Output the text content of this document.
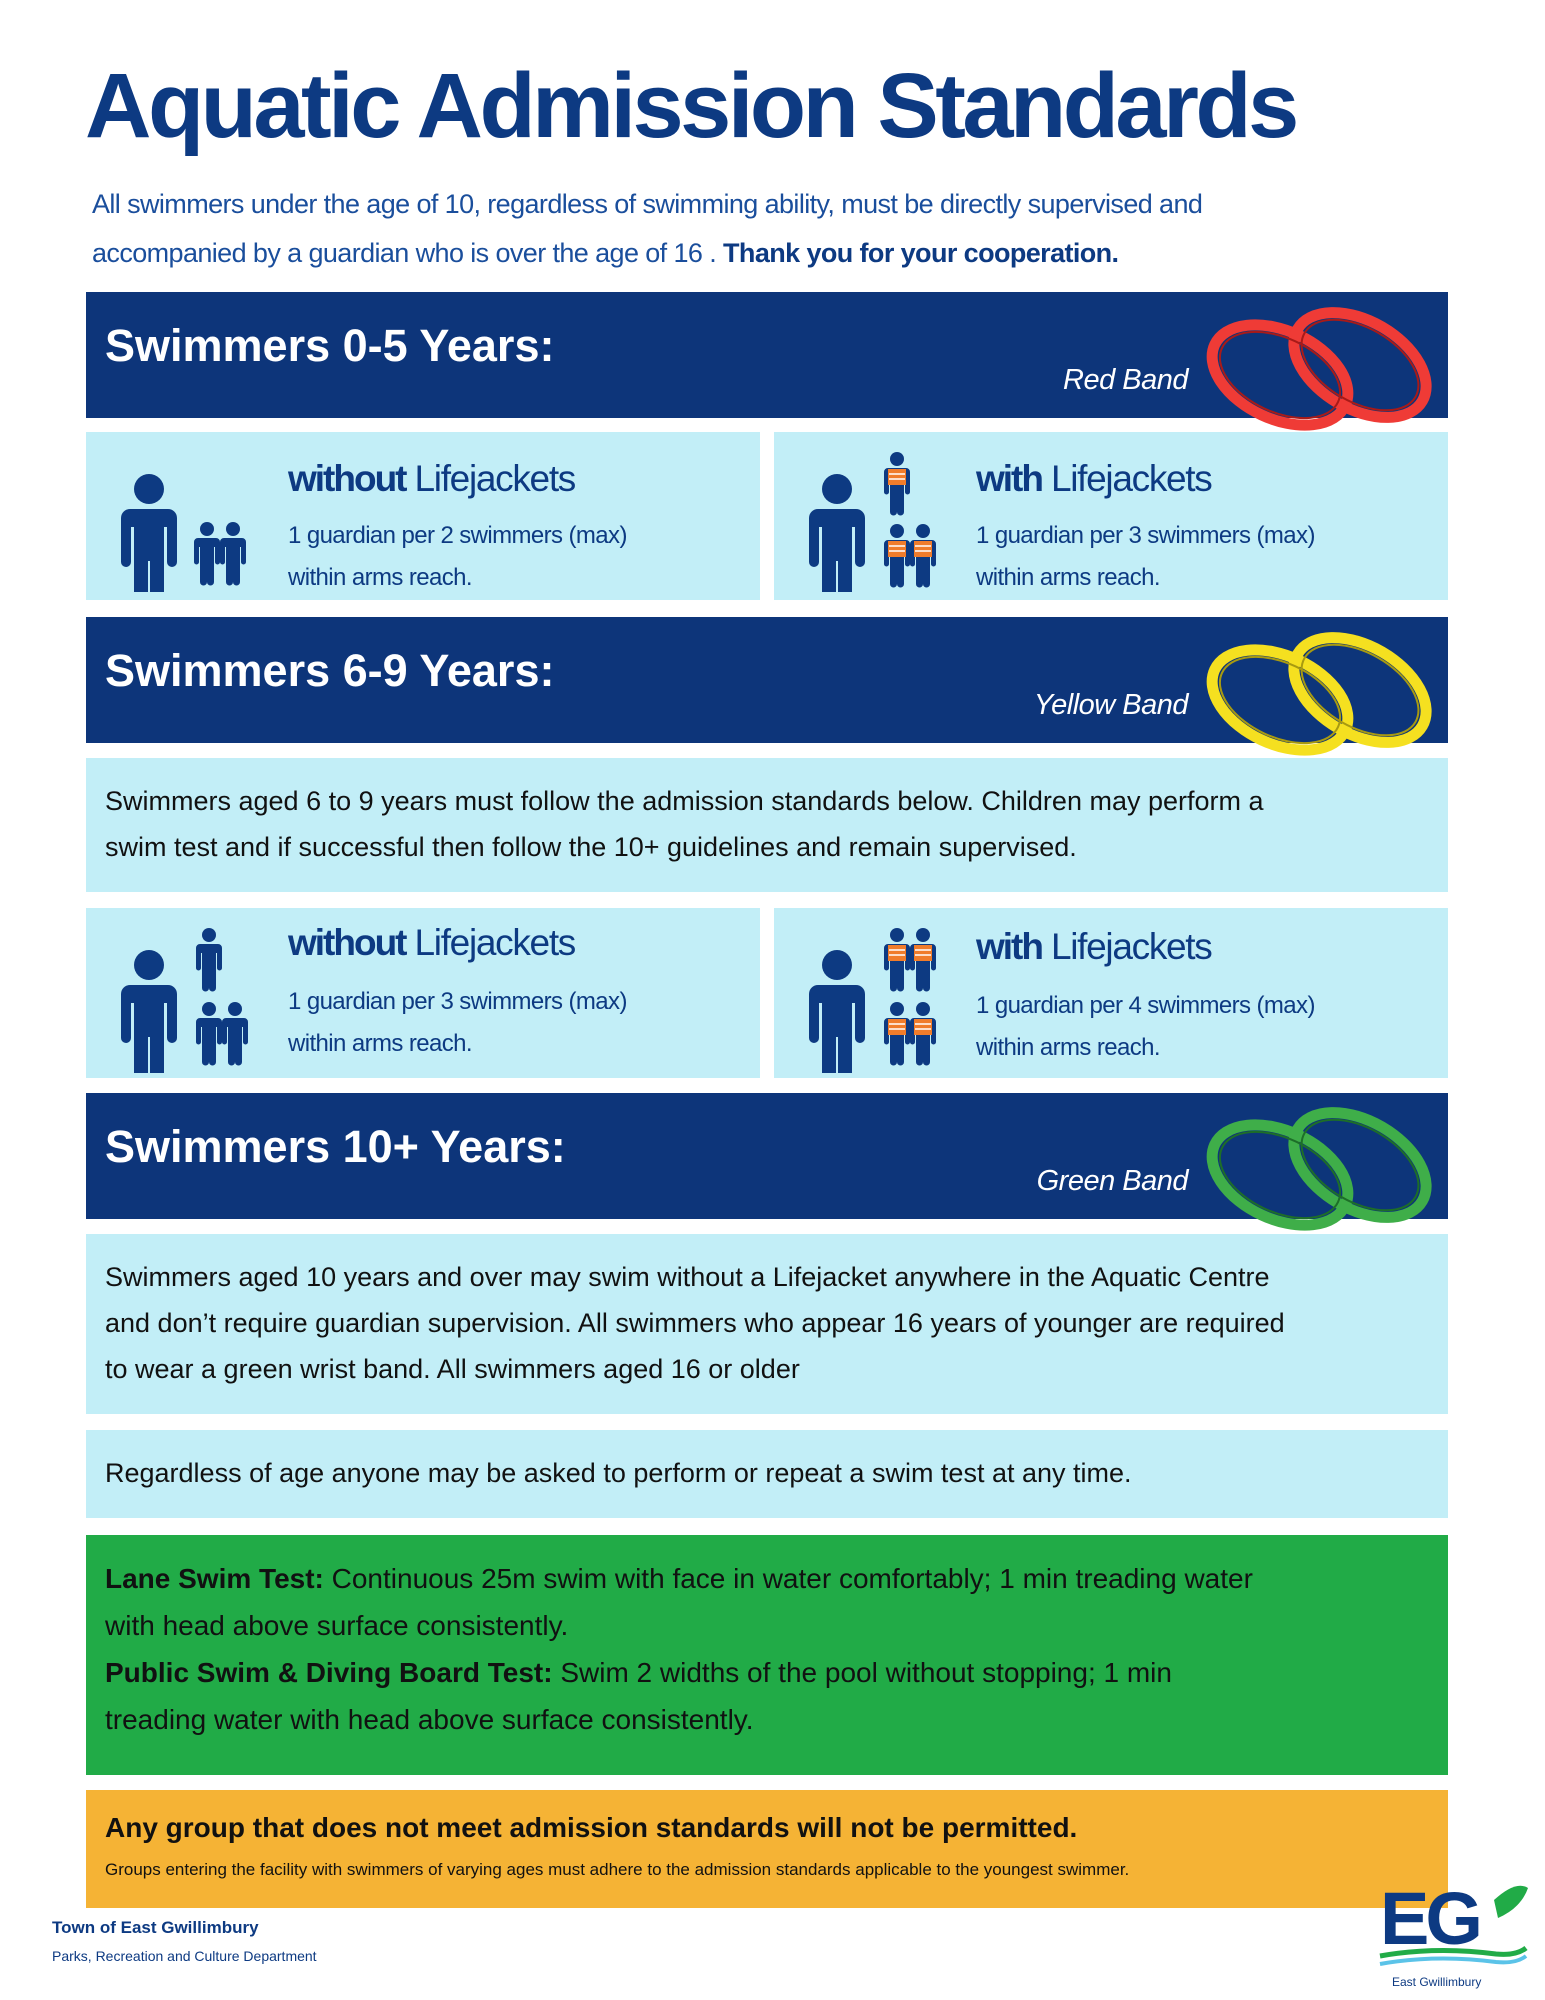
Aquatic Admission Standards
All swimmers under the age of 10, regardless of swimming ability, must be directly supervised and
accompanied by a guardian who is over the age of 16 . Thank you for your cooperation.
Swimmers 0-5 Years:
Red Band
without Lifejackets
1 guardian per 2 swimmers (max)
within arms reach.
with Lifejackets
1 guardian per 3 swimmers (max)
within arms reach.
Swimmers 6-9 Years:
Yellow Band
Swimmers aged 6 to 9 years must follow the admission standards below. Children may perform a
swim test and if successful then follow the 10+ guidelines and remain supervised.
without Lifejackets
1 guardian per 3 swimmers (max)
within arms reach.
with Lifejackets
1 guardian per 4 swimmers (max)
within arms reach.
Swimmers 10+ Years:
Green Band
Swimmers aged 10 years and over may swim without a Lifejacket anywhere in the Aquatic Centre
and don’t require guardian supervision. All swimmers who appear 16 years of younger are required
to wear a green wrist band. All swimmers aged 16 or older
Regardless of age anyone may be asked to perform or repeat a swim test at any time.
Lane Swim Test: Continuous 25m swim with face in water comfortably; 1 min treading water
with head above surface consistently.
Public Swim & Diving Board Test: Swim 2 widths of the pool without stopping; 1 min
treading water with head above surface consistently.
Any group that does not meet admission standards will not be permitted.
Groups entering the facility with swimmers of varying ages must adhere to the admission standards applicable to the youngest swimmer.
Town of East Gwillimbury
Parks, Recreation and Culture Department	EG
East Gwillimbury
